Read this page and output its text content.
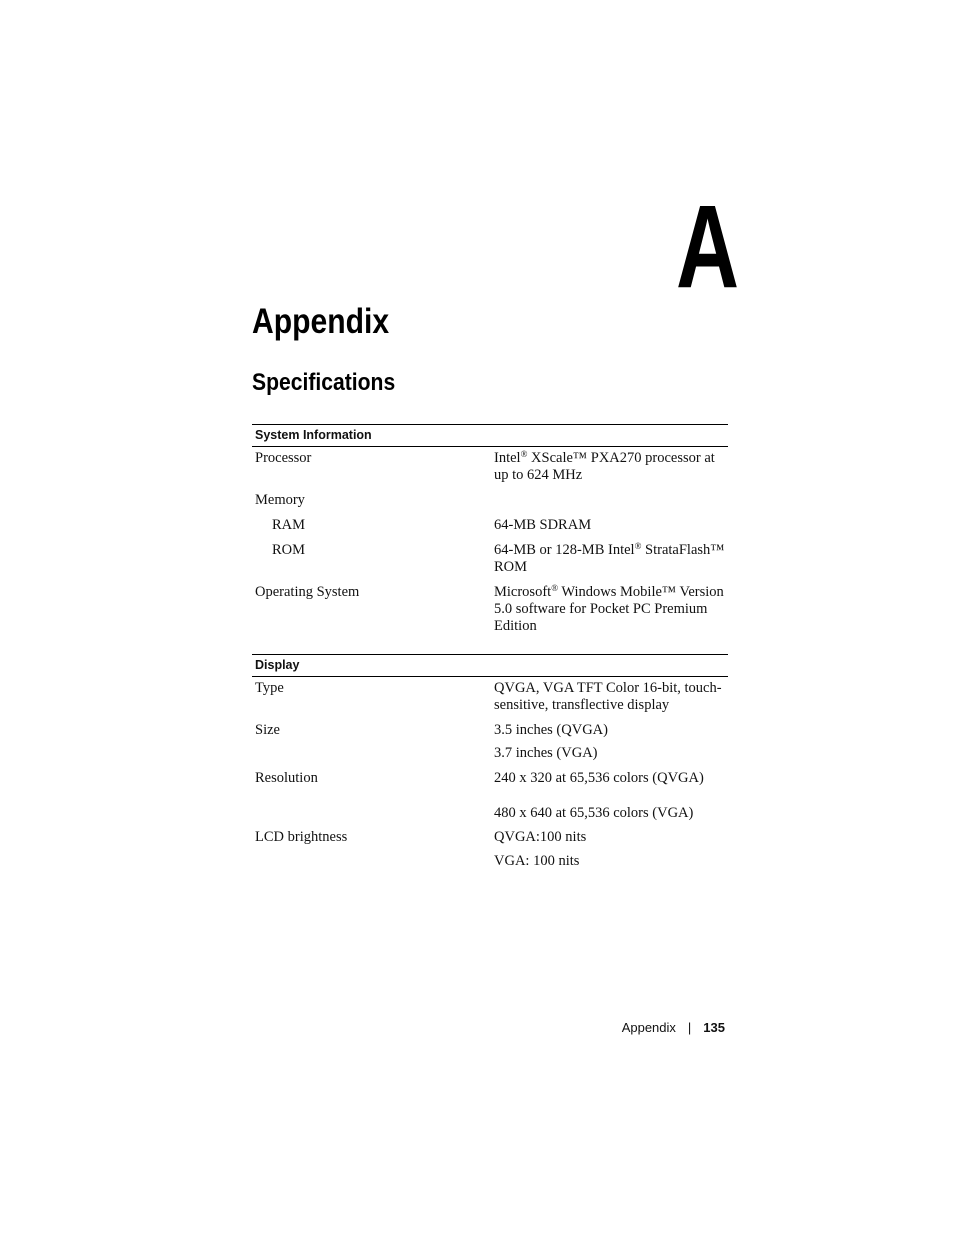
A
Appendix
Specifications
System Information
Processor	Intel® XScale™ PXA270 processor at up to 624 MHz
Memory
RAM	64-MB SDRAM
ROM	64-MB or 128-MB Intel® StrataFlash™ ROM
Operating System	Microsoft® Windows Mobile™ Version 5.0 software for Pocket PC Premium Edition
Display
Type	QVGA, VGA TFT Color 16-bit, touch-sensitive, transflective display
Size	3.5 inches (QVGA)
3.7 inches (VGA)
Resolution	240 x 320 at 65,536 colors (QVGA)
480 x 640 at 65,536 colors (VGA)
LCD brightness	QVGA:100 nits
VGA: 100 nits
Appendix | 135
